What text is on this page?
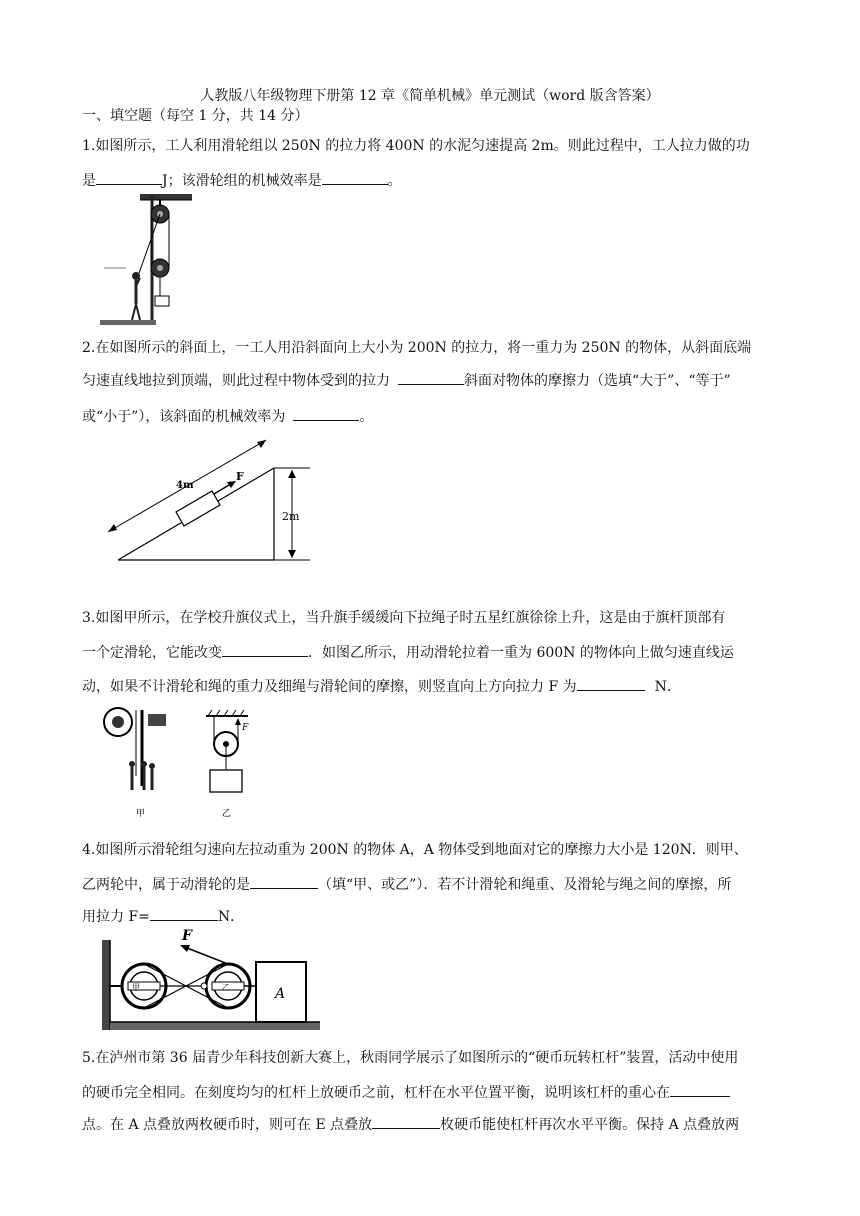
人教版八年级物理下册第 12 章《简单机械》单元测试（word 版含答案）
一、填空题（每空 1 分，共 14 分）
1.如图所示，工人利用滑轮组以 250N 的拉力将 400N 的水泥匀速提高 2m。则此过程中，工人拉力做的功
是	J；该滑轮组的机械效率是	。
2.在如图所示的斜面上，一工人用沿斜面向上大小为 200N 的拉力，将一重力为 250N 的物体，从斜面底端
匀速直线地拉到顶端，则此过程中物体受到的拉力	斜面对物体的摩擦力（选填“大于”、“等于”
或“小于”），该斜面的机械效率为	。
4m
F
2m
3.如图甲所示，在学校升旗仪式上，当升旗手缓缓向下拉绳子时五星红旗徐徐上升，这是由于旗杆顶部有
一个定滑轮，它能改变	．如图乙所示，用动滑轮拉着一重为 600N 的物体向上做匀速直线运
动，如果不计滑轮和绳的重力及细绳与滑轮间的摩擦，则竖直向上方向拉力 F 为	N．
甲
F
乙
4.如图所示滑轮组匀速向左拉动重为 200N 的物体 A，A 物体受到地面对它的摩擦力大小是 120N．则甲、
乙两轮中，属于动滑轮的是	（填“甲、或乙”）．若不计滑轮和绳重、及滑轮与绳之间的摩擦，所
用拉力 F=	N．
甲	乙	A
F
5.在泸州市第 36 届青少年科技创新大赛上，秋雨同学展示了如图所示的“硬币玩转杠杆”装置，活动中使用
的硬币完全相同。在刻度均匀的杠杆上放硬币之前，杠杆在水平位置平衡，说明该杠杆的重心在
点。在 A 点叠放两枚硬币时，则可在 E 点叠放	枚硬币能使杠杆再次水平平衡。保持 A 点叠放两
